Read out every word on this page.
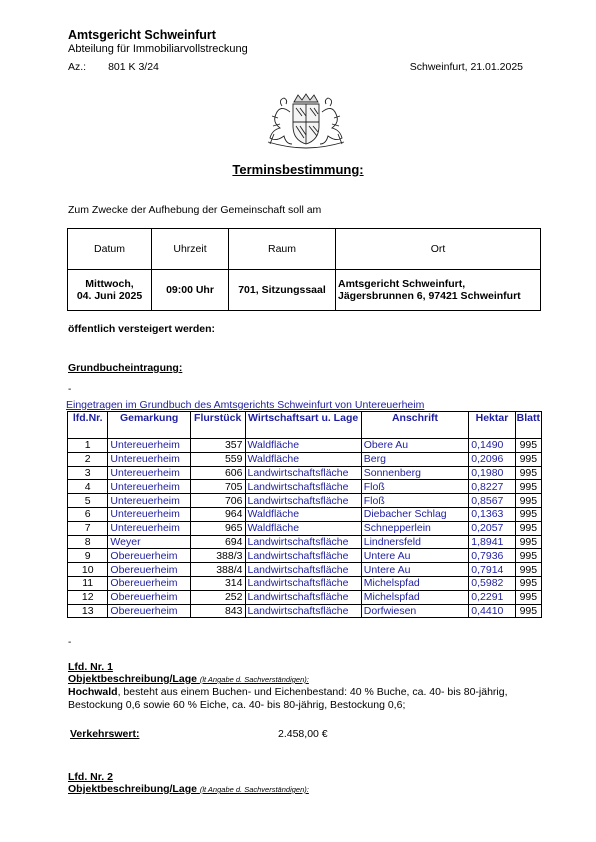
Amtsgericht Schweinfurt
Abteilung für Immobiliarvollstreckung
Az.: 801 K 3/24	Schweinfurt, 21.01.2025
Terminsbestimmung:
Zum Zwecke der Aufhebung der Gemeinschaft soll am
Datum	Uhrzeit	Raum	Ort
Mittwoch,
04. Juni 2025	09:00 Uhr	701, Sitzungssaal	Amtsgericht Schweinfurt,
Jägersbrunnen 6, 97421 Schweinfurt
öffentlich versteigert werden:
Grundbucheintragung:
-
Eingetragen im Grundbuch des Amtsgerichts Schweinfurt von Untereuerheim
lfd.Nr.	Gemarkung	Flurstück	Wirtschaftsart u. Lage	Anschrift	Hektar	Blatt
1	Untereuerheim	357	Waldfläche	Obere Au	0,1490	995
2	Untereuerheim	559	Waldfläche	Berg	0,2096	995
3	Untereuerheim	606	Landwirtschaftsfläche	Sonnenberg	0,1980	995
4	Untereuerheim	705	Landwirtschaftsfläche	Floß	0,8227	995
5	Untereuerheim	706	Landwirtschaftsfläche	Floß	0,8567	995
6	Untereuerheim	964	Waldfläche	Diebacher Schlag	0,1363	995
7	Untereuerheim	965	Waldfläche	Schnepperlein	0,2057	995
8	Weyer	694	Landwirtschaftsfläche	Lindnersfeld	1,8941	995
9	Obereuerheim	388/3	Landwirtschaftsfläche	Untere Au	0,7936	995
10	Obereuerheim	388/4	Landwirtschaftsfläche	Untere Au	0,7914	995
11	Obereuerheim	314	Landwirtschaftsfläche	Michelspfad	0,5982	995
12	Obereuerheim	252	Landwirtschaftsfläche	Michelspfad	0,2291	995
13	Obereuerheim	843	Landwirtschaftsfläche	Dorfwiesen	0,4410	995
-
Lfd. Nr. 1
Objektbeschreibung/Lage (lt Angabe d. Sachverständigen):
Hochwald, besteht aus einem Buchen- und Eichenbestand: 40 % Buche, ca. 40- bis 80-jährig, Bestockung 0,6 sowie 60 % Eiche, ca. 40- bis 80-jährig, Bestockung 0,6;
Verkehrswert:	2.458,00 €
Lfd. Nr. 2
Objektbeschreibung/Lage (lt Angabe d. Sachverständigen):
